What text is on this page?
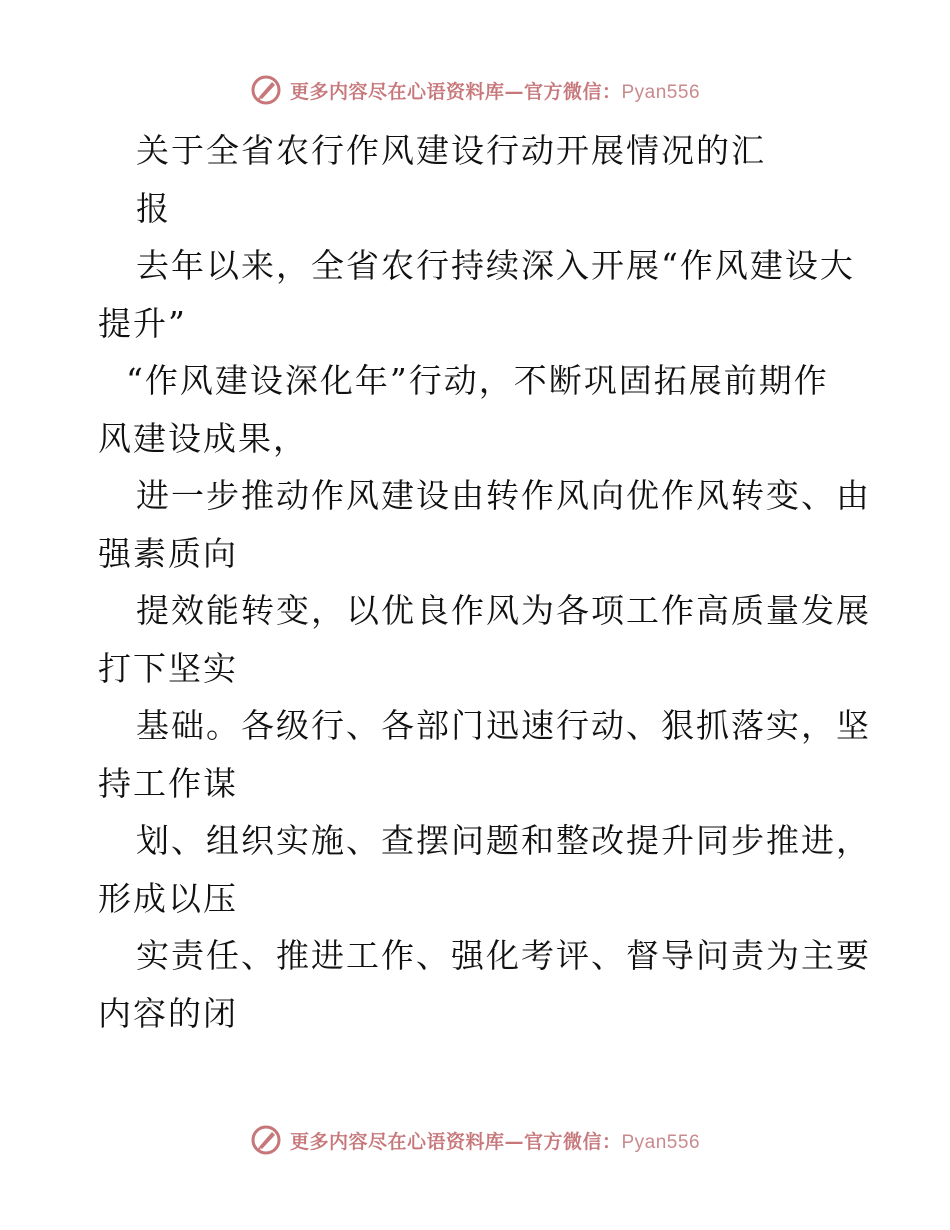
更多内容尽在心语资料库—官方微信：Pyan556
关于全省农行作风建设行动开展情况的汇
报
去年以来，全省农行持续深入开展“作风建设大
提升”
“作风建设深化年”行动，不断巩固拓展前期作
风建设成果，
进一步推动作风建设由转作风向优作风转变、由
强素质向
提效能转变，以优良作风为各项工作高质量发展
打下坚实
基础。各级行、各部门迅速行动、狠抓落实，坚
持工作谋
划、组织实施、查摆问题和整改提升同步推进，
形成以压
实责任、推进工作、强化考评、督导问责为主要
内容的闭
更多内容尽在心语资料库—官方微信：Pyan556
